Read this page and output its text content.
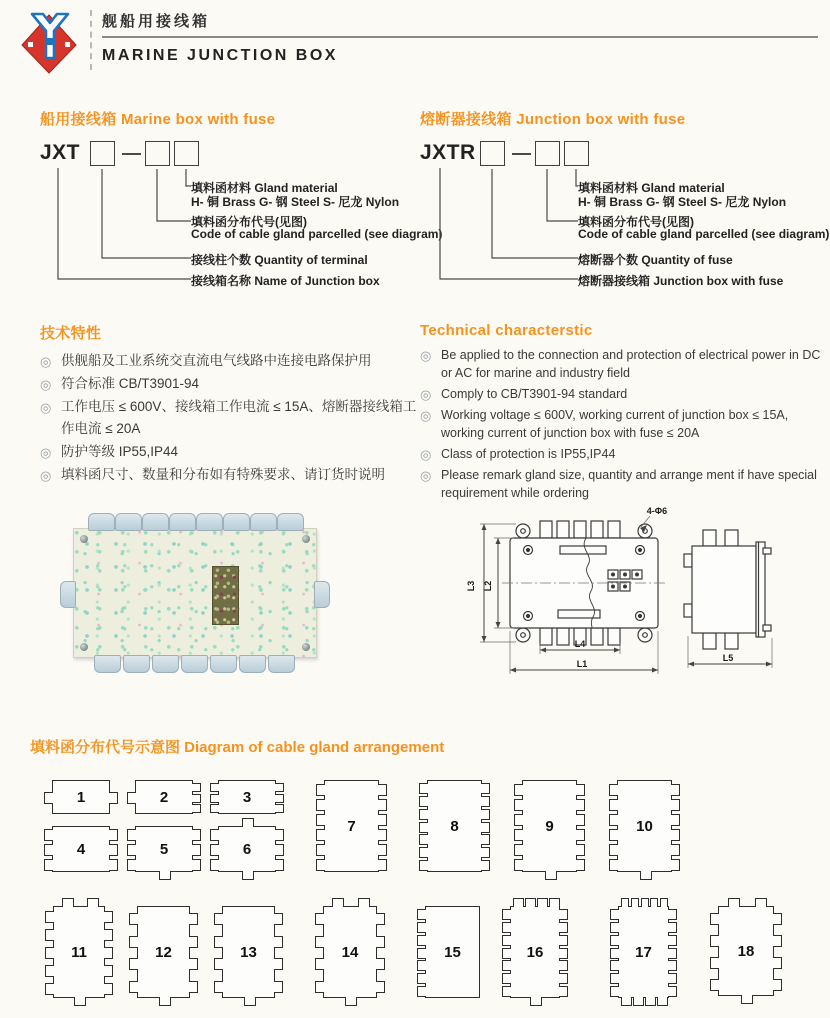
舰船用接线箱
MARINE JUNCTION BOX
船用接线箱 Marine box with fuse
JXT
填料函材料 Gland material
H- 铜 Brass G- 钢 Steel S- 尼龙 Nylon
填料函分布代号(见图)
Code of cable gland parcelled (see diagram)
接线柱个数 Quantity of terminal
接线箱名称 Name of Junction box
熔断器接线箱 Junction box with fuse
JXTR
填料函材料 Gland material
H- 铜 Brass G- 钢 Steel S- 尼龙 Nylon
填料函分布代号(见图)
Code of cable gland parcelled (see diagram)
熔断器个数 Quantity of fuse
熔断器接线箱 Junction box with fuse
技术特性
◎ 供舰船及工业系统交直流电气线路中连接电路保护用
◎ 符合标准 CB/T3901-94
◎ 工作电压 ≤ 600V、接线箱工作电流 ≤ 15A、熔断器接线箱工作电流 ≤ 20A
◎ 防护等级 IP55,IP44
◎ 填料函尺寸、数量和分布如有特殊要求、请订货时说明
Technical characterstic
◎ Be applied to the connection and protection of electrical power in DC or AC for marine and industry field
◎ Comply to CB/T3901-94 standard
◎ Working voltage ≤ 600V, working current of junction box ≤ 15A, working current of junction box with fuse ≤ 20A
◎ Class of protection is IP55,IP44
◎ Please remark gland size, quantity and arrange ment if have special requirement while ordering
L3 L2
L4
L1
L5
4-Φ6
填料函分布代号示意图 Diagram of cable gland arrangement
1	2	3
4	5	6
7	8	9	10
11	12	13	14	15	16	17	18
